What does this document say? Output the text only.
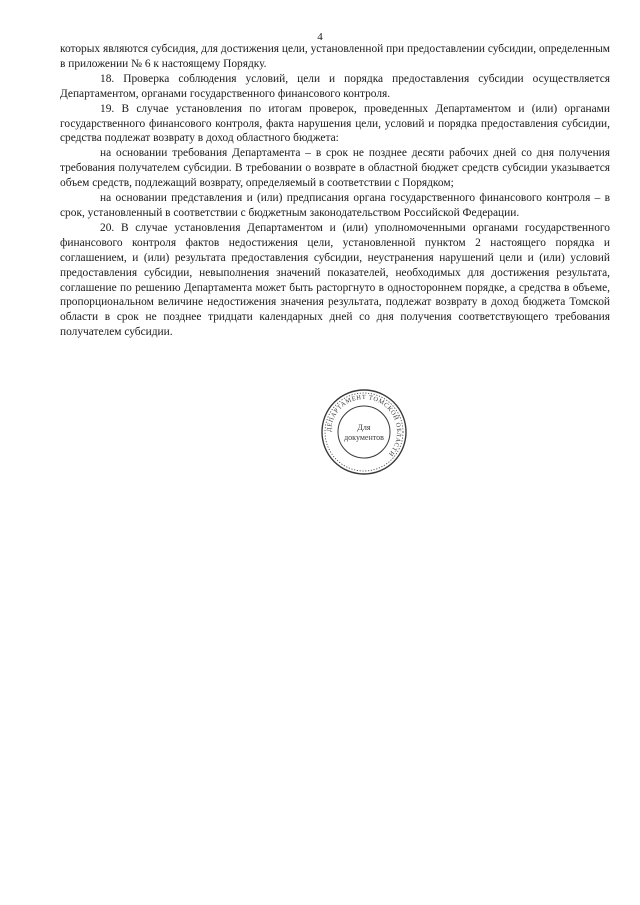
4

которых являются субсидия, для достижения цели, установленной при предоставлении субсидии, определенным в приложении № 6 к настоящему Порядку.

18. Проверка соблюдения условий, цели и порядка предоставления субсидии осуществляется Департаментом, органами государственного финансового контроля.

19. В случае установления по итогам проверок, проведенных Департаментом и (или) органами государственного финансового контроля, факта нарушения цели, условий и порядка предоставления субсидии, средства подлежат возврату в доход областного бюджета:

на основании требования Департамента – в срок не позднее десяти рабочих дней со дня получения требования получателем субсидии. В требовании о возврате в областной бюджет средств субсидии указывается объем средств, подлежащий возврату, определяемый в соответствии с Порядком;

на основании представления и (или) предписания органа государственного финансового контроля – в срок, установленный в соответствии с бюджетным законодательством Российской Федерации.

20. В случае установления Департаментом и (или) уполномоченными органами государственного финансового контроля фактов недостижения цели, установленной пунктом 2 настоящего порядка и соглашением, и (или) результата предоставления субсидии, неустранения нарушений цели и (или) условий предоставления субсидии, невыполнения значений показателей, необходимых для достижения результата, соглашение по решению Департамента может быть расторгнуто в одностороннем порядке, а средства в объеме, пропорциональном величине недостижения значения результата, подлежат возврату в доход бюджета Томской области в срок не позднее тридцати календарных дней со дня получения соответствующего требования получателем субсидии.

ДЕПАРТАМЕНТ ТОМСКОЙ ОБЛАСТИ
Для
документов
